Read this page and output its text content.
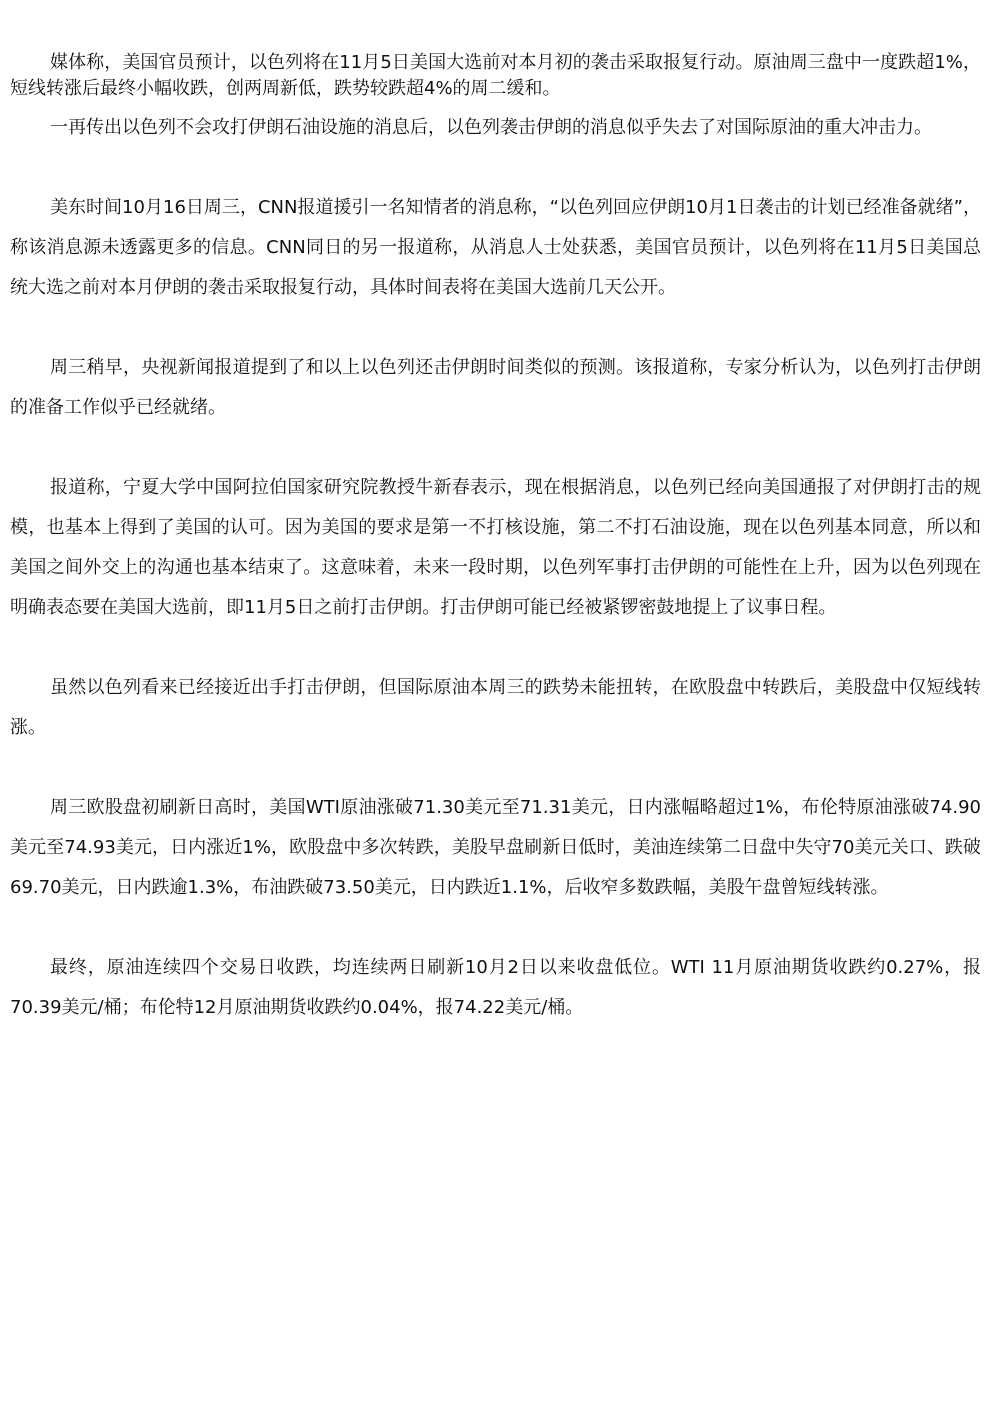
媒体称，美国官员预计，以色列将在11月5日美国大选前对本月初的袭击采取报复行动。原油周三盘中一度跌超1%，短线转涨后最终小幅收跌，创两周新低，跌势较跌超4%的周二缓和。

一再传出以色列不会攻打伊朗石油设施的消息后，以色列袭击伊朗的消息似乎失去了对国际原油的重大冲击力。

美东时间10月16日周三，CNN报道援引一名知情者的消息称，“以色列回应伊朗10月1日袭击的计划已经准备就绪”，称该消息源未透露更多的信息。CNN同日的另一报道称，从消息人士处获悉，美国官员预计，以色列将在11月5日美国总统大选之前对本月伊朗的袭击采取报复行动，具体时间表将在美国大选前几天公开。

周三稍早，央视新闻报道提到了和以上以色列还击伊朗时间类似的预测。该报道称，专家分析认为，以色列打击伊朗的准备工作似乎已经就绪。

报道称，宁夏大学中国阿拉伯国家研究院教授牛新春表示，现在根据消息，以色列已经向美国通报了对伊朗打击的规模，也基本上得到了美国的认可。因为美国的要求是第一不打核设施，第二不打石油设施，现在以色列基本同意，所以和美国之间外交上的沟通也基本结束了。这意味着，未来一段时期，以色列军事打击伊朗的可能性在上升，因为以色列现在明确表态要在美国大选前，即11月5日之前打击伊朗。打击伊朗可能已经被紧锣密鼓地提上了议事日程。

虽然以色列看来已经接近出手打击伊朗，但国际原油本周三的跌势未能扭转，在欧股盘中转跌后，美股盘中仅短线转涨。

周三欧股盘初刷新日高时，美国WTI原油涨破71.30美元至71.31美元，日内涨幅略超过1%，布伦特原油涨破74.90美元至74.93美元，日内涨近1%，欧股盘中多次转跌，美股早盘刷新日低时，美油连续第二日盘中失守70美元关口、跌破69.70美元，日内跌逾1.3%，布油跌破73.50美元，日内跌近1.1%，后收窄多数跌幅，美股午盘曾短线转涨。

最终，原油连续四个交易日收跌，均连续两日刷新10月2日以来收盘低位。WTI 11月原油期货收跌约0.27%，报70.39美元/桶；布伦特12月原油期货收跌约0.04%，报74.22美元/桶。
